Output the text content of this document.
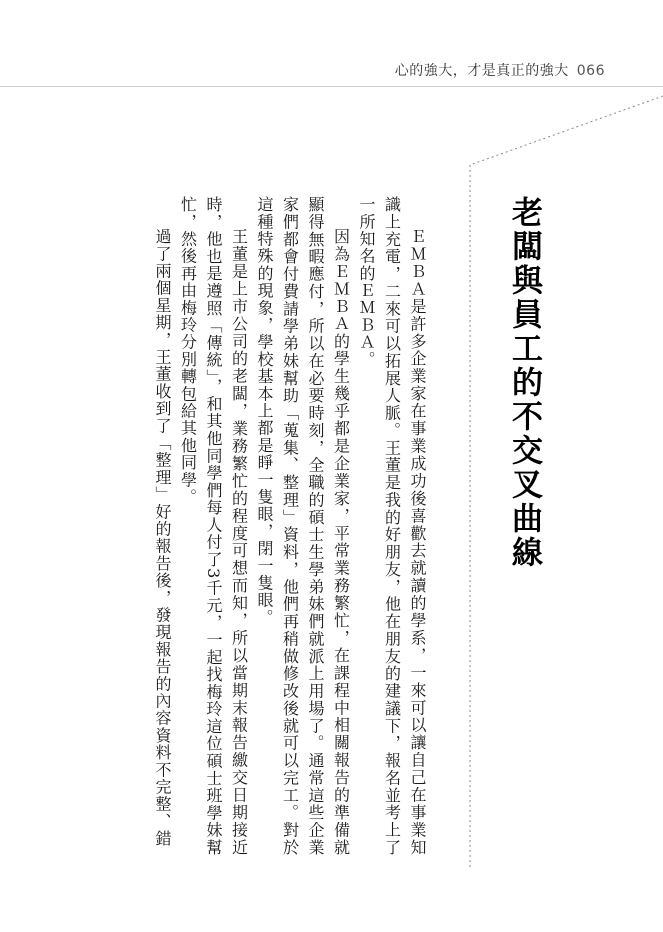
心的強大，才是真正的強大 066
老闆與員工的不交叉曲線

ＥＭＢＡ是許多企業家在事業成功後喜歡去就讀的學系，一來可以讓自己在事業知識上充電，二來可以拓展人脈。王董是我的好朋友，他在朋友的建議下，報名並考上了一所知名的ＥＭＢＡ。

因為ＥＭＢＡ的學生幾乎都是企業家，平常業務繁忙，在課程中相關報告的準備就顯得無暇應付，所以在必要時刻，全職的碩士生學弟妹們就派上用場了。通常這些企業家們都會付費請學弟妹幫助「蒐集、整理」資料，他們再稍做修改後就可以完工。對於這種特殊的現象，學校基本上都是睜一隻眼，閉一隻眼。

王董是上市公司的老闆，業務繁忙的程度可想而知，所以當期末報告繳交日期接近時，他也是遵照「傳統」，和其他同學們每人付了3千元，一起找梅玲這位碩士班學妹幫忙，然後再由梅玲分別轉包給其他同學。

過了兩個星期，王董收到了「整理」好的報告後，發現報告的內容資料不完整、錯
